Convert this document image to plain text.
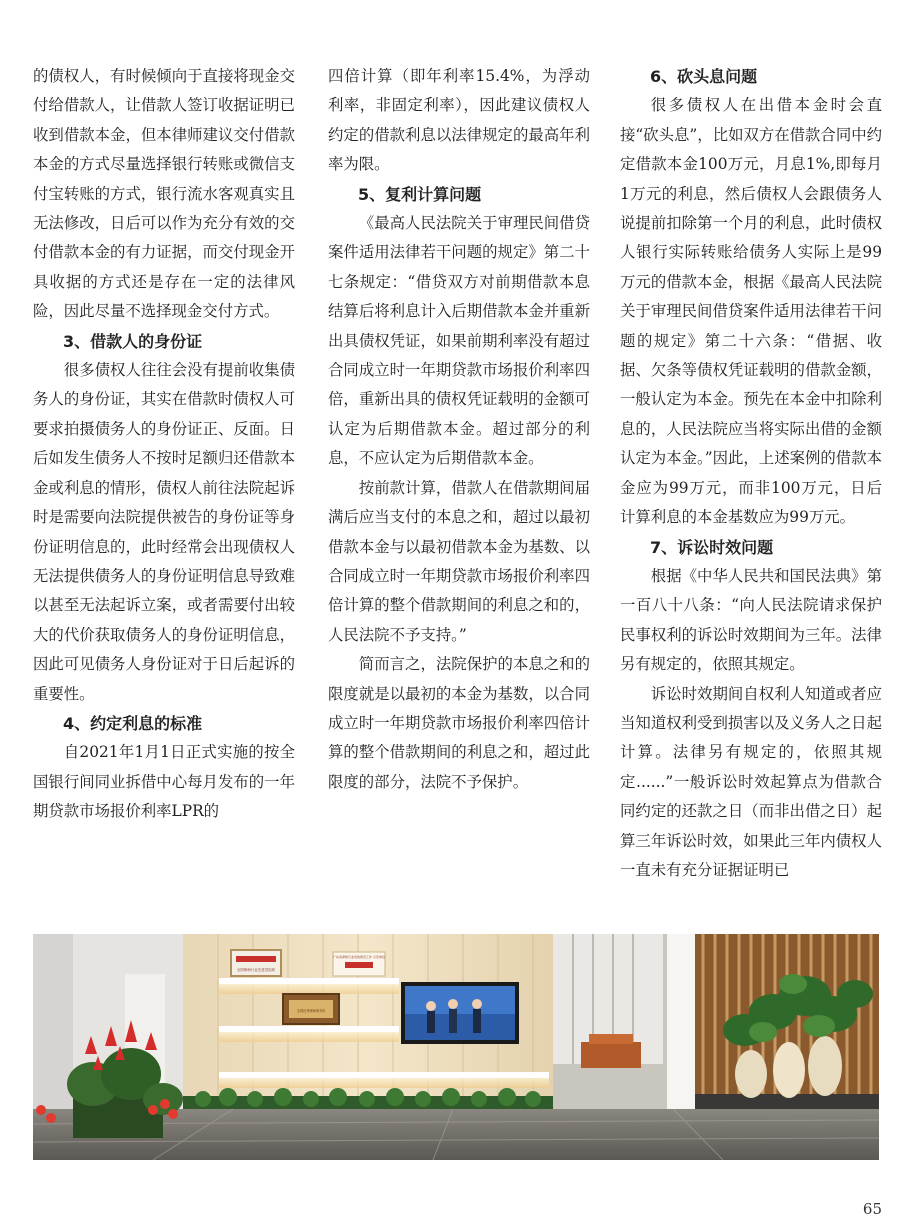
的债权人，有时候倾向于直接将现金交付给借款人，让借款人签订收据证明已收到借款本金，但本律师建议交付借款本金的方式尽量选择银行转账或微信支付宝转账的方式，银行流水客观真实且无法修改，日后可以作为充分有效的交付借款本金的有力证据，而交付现金开具收据的方式还是存在一定的法律风险，因此尽量不选择现金交付方式。

3、借款人的身份证

很多债权人往往会没有提前收集债务人的身份证，其实在借款时债权人可要求拍摄债务人的身份证正、反面。日后如发生债务人不按时足额归还借款本金或利息的情形，债权人前往法院起诉时是需要向法院提供被告的身份证等身份证明信息的，此时经常会出现债权人无法提供债务人的身份证明信息导致难以甚至无法起诉立案，或者需要付出较大的代价获取债务人的身份证明信息，因此可见债务人身份证对于日后起诉的重要性。

4、约定利息的标准

自2021年1月1日正式实施的按全国银行间同业拆借中心每月发布的一年期贷款市场报价利率LPR的

四倍计算（即年利率15.4%，为浮动利率，非固定利率），因此建议债权人约定的借款利息以法律规定的最高年利率为限。

5、复利计算问题

《最高人民法院关于审理民间借贷案件适用法律若干问题的规定》第二十七条规定：“借贷双方对前期借款本息结算后将利息计入后期借款本金并重新出具债权凭证，如果前期利率没有超过合同成立时一年期贷款市场报价利率四倍，重新出具的债权凭证载明的金额可认定为后期借款本金。超过部分的利息，不应认定为后期借款本金。

按前款计算，借款人在借款期间届满后应当支付的本息之和，超过以最初借款本金与以最初借款本金为基数、以合同成立时一年期贷款市场报价利率四倍计算的整个借款期间的利息之和的，人民法院不予支持。”

简而言之，法院保护的本息之和的限度就是以最初的本金为基数，以合同成立时一年期贷款市场报价利率四倍计算的整个借款期间的利息之和，超过此限度的部分，法院不予保护。

6、砍头息问题

很多债权人在出借本金时会直接“砍头息”，比如双方在借款合同中约定借款本金100万元，月息1%,即每月1万元的利息，然后债权人会跟债务人说提前扣除第一个月的利息，此时债权人银行实际转账给债务人实际上是99万元的借款本金，根据《最高人民法院关于审理民间借贷案件适用法律若干问题的规定》第二十六条：“借据、收据、欠条等债权凭证载明的借款金额，一般认定为本金。预先在本金中扣除利息的，人民法院应当将实际出借的金额认定为本金。”因此，上述案例的借款本金应为99万元，而非100万元，日后计算利息的本金基数应为99万元。

7、诉讼时效问题

根据《中华人民共和国民法典》第一百八十八条：“向人民法院请求保护民事权利的诉讼时效期间为三年。法律另有规定的，依照其规定。

诉讼时效期间自权利人知道或者应当知道权利受到损害以及义务人之日起计算。法律另有规定的，依照其规定......”一般诉讼时效起算点为借款合同约定的还款之日（而非出借之日）起算三年诉讼时效，如果此三年内债权人一直未有充分证据证明已

全国律师行业先进党组织
全国优秀律师事务所
广东省律师行业党的建设工作 示范单位
65
